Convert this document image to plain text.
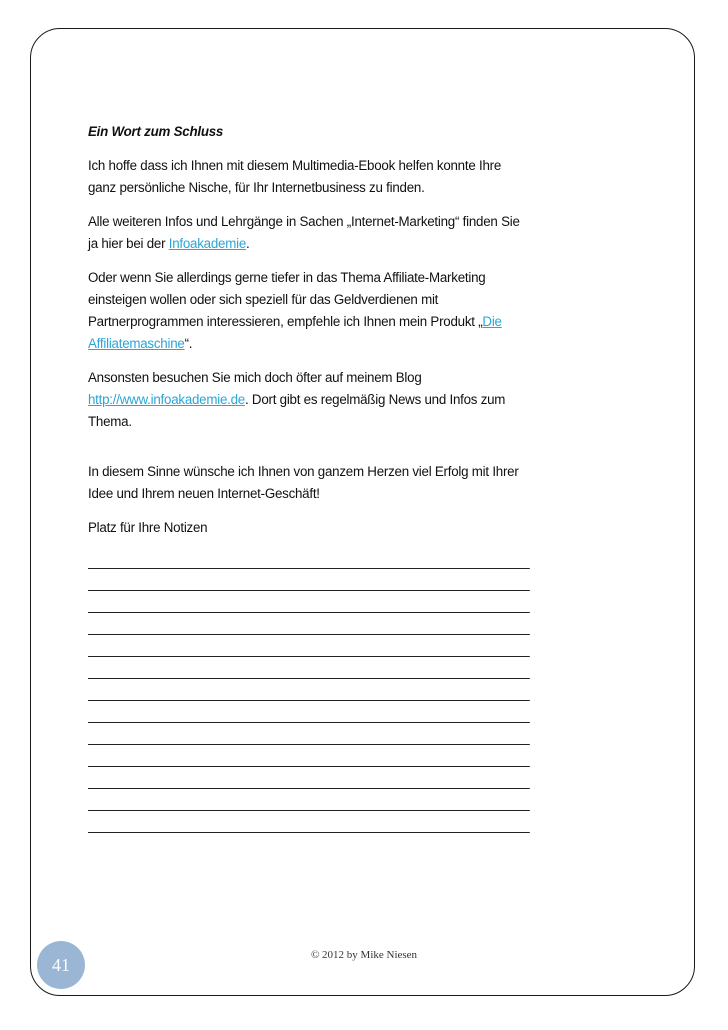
Ein Wort zum Schluss

Ich hoffe dass ich Ihnen mit diesem Multimedia-Ebook helfen konnte Ihre ganz persönliche Nische, für Ihr Internetbusiness zu finden.

Alle weiteren Infos und Lehrgänge in Sachen „Internet-Marketing“ finden Sie ja hier bei der Infoakademie.

Oder wenn Sie allerdings gerne tiefer in das Thema Affiliate-Marketing einsteigen wollen oder sich speziell für das Geldverdienen mit Partnerprogrammen interessieren, empfehle ich Ihnen mein Produkt „Die Affiliatemaschine“.

Ansonsten besuchen Sie mich doch öfter auf meinem Blog http://www.infoakademie.de. Dort gibt es regelmäßig News und Infos zum Thema.

In diesem Sinne wünsche ich Ihnen von ganzem Herzen viel Erfolg mit Ihrer Idee und Ihrem neuen Internet-Geschäft!

Platz für Ihre Notizen

© 2012 by Mike Niesen
41
